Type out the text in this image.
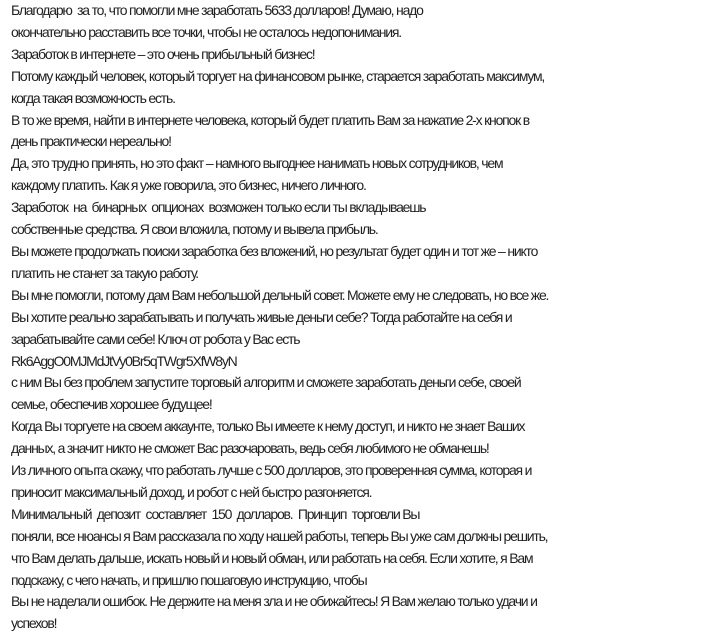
Благодарю  за то, что помогли мне заработать 5633 долларов! Думаю, надо
окончательно расставить все точки, чтобы не осталось недопонимания.
Заработок в интернете – это очень прибыльный бизнес!
Потому каждый человек, который торгует на финансовом рынке, старается заработать максимум,
когда такая возможность есть.
В то же время, найти в интернете человека, который будет платить Вам за нажатие 2-х кнопок в
день практически нереально!
Да, это трудно принять, но это факт – намного выгоднее нанимать новых сотрудников, чем
каждому платить. Как я уже говорила, это бизнес, ничего личного.
Заработок  на  бинарных  опционах  возможен только если ты вкладываешь
собственные средства. Я свои вложила, потому и вывела прибыль.
Вы можете продолжать поиски заработка без вложений, но результат будет один и тот же – никто
платить не станет за такую работу.
Вы мне помогли, потому дам Вам небольшой дельный совет. Можете ему не следовать, но все же.
Вы хотите реально зарабатывать и получать живые деньги себе? Тогда работайте на себя и
зарабатывайте сами себе! Ключ от робота у Вас есть
Rk6AggO0MJMdJtVy0Br5qTWgr5XfW8yN
с ним Вы без проблем запустите торговый алгоритм и сможете заработать деньги себе, своей
семье, обеспечив хорошее будущее!
Когда Вы торгуете на своем аккаунте, только Вы имеете к нему доступ, и никто не знает Ваших
данных, а значит никто не сможет Вас разочаровать, ведь себя любимого не обманешь!
Из личного опыта скажу, что работать лучше с 500 долларов, это проверенная сумма, которая и
приносит максимальный доход, и робот с ней быстро разгоняется.
Минимальный  депозит  составляет  150  долларов.  Принцип  торговли Вы
поняли, все нюансы я Вам рассказала по ходу нашей работы, теперь Вы уже сам должны решить,
что Вам делать дальше, искать новый и новый обман, или работать на себя. Если хотите, я Вам
подскажу, с чего начать, и пришлю пошаговую инструкцию, чтобы
Вы не наделали ошибок. Не держите на меня зла и не обижайтесь! Я Вам желаю только удачи и
успехов!
